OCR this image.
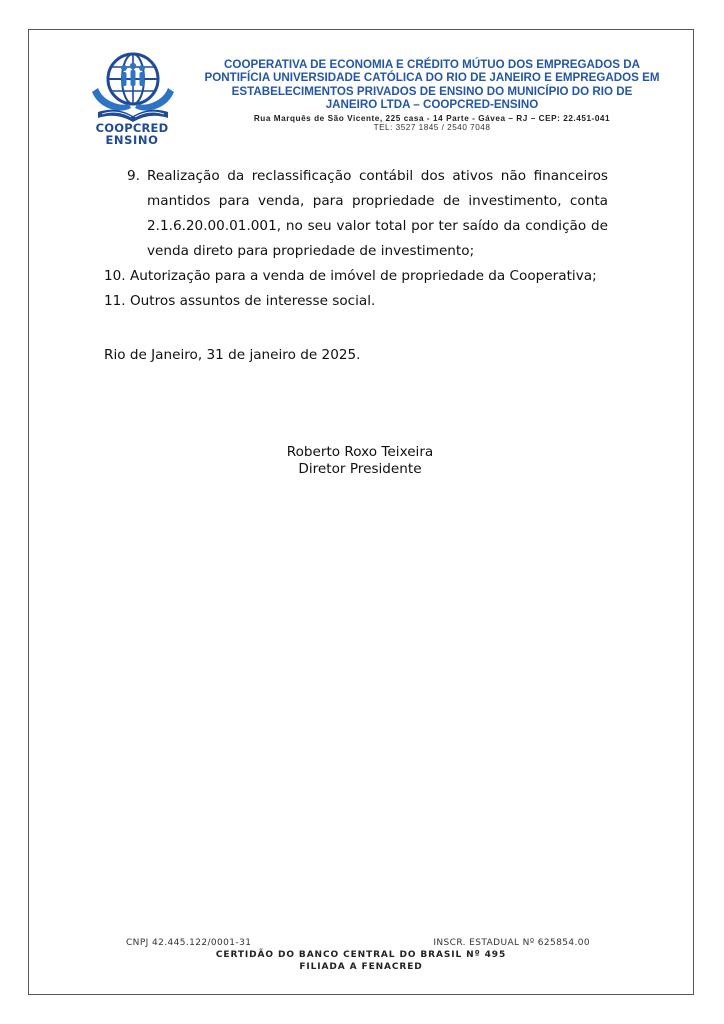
COOPCRED
ENSINO
COOPERATIVA DE ECONOMIA E CRÉDITO MÚTUO DOS EMPREGADOS DA
PONTIFÍCIA UNIVERSIDADE CATÓLICA DO RIO DE JANEIRO E EMPREGADOS EM
ESTABELECIMENTOS PRIVADOS DE ENSINO DO MUNICÍPIO DO RIO DE
JANEIRO LTDA – COOPCRED-ENSINO
Rua Marquês de São Vicente, 225 casa - 14 Parte - Gávea – RJ – CEP: 22.451-041
TEL: 3527 1845 / 2540 7048
9. Realização da reclassificação contábil dos ativos não financeiros mantidos para venda, para propriedade de investimento, conta 2.1.6.20.00.01.001, no seu valor total por ter saído da condição de venda direto para propriedade de investimento;
10. Autorização para a venda de imóvel de propriedade da Cooperativa;
11. Outros assuntos de interesse social.
Rio de Janeiro, 31 de janeiro de 2025.
Roberto Roxo Teixeira
Diretor Presidente
CNPJ 42.445.122/0001-31	INSCR. ESTADUAL Nº 625854.00
CERTIDÃO DO BANCO CENTRAL DO BRASIL Nº 495
FILIADA A FENACRED
